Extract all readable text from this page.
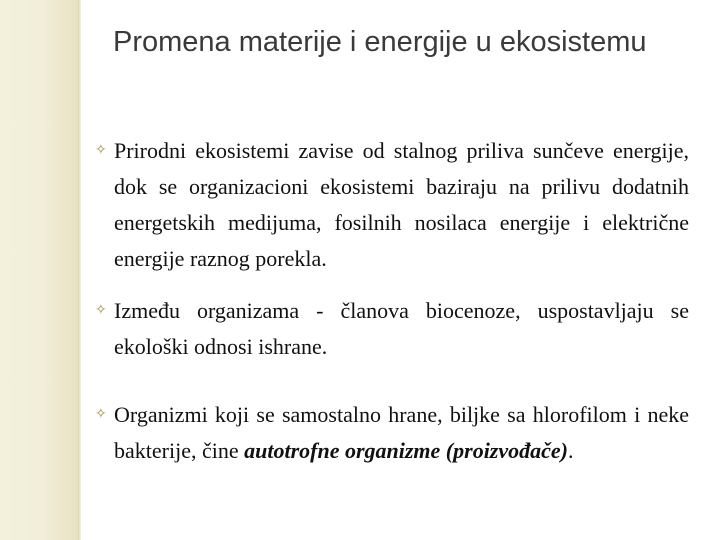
Promena materije i energije u ekosistemu
✧ Prirodni ekosistemi zavise od stalnog priliva sunčeve energije, dok se organizacioni ekosistemi baziraju na prilivu dodatnih energetskih medijuma, fosilnih nosilaca energije i električne energije raznog porekla.
✧ Između organizama - članova biocenoze, uspostavljaju se ekološki odnosi ishrane.
✧ Organizmi koji se samostalno hrane, biljke sa hlorofilom i neke bakterije, čine autotrofne organizme (proizvođače).
